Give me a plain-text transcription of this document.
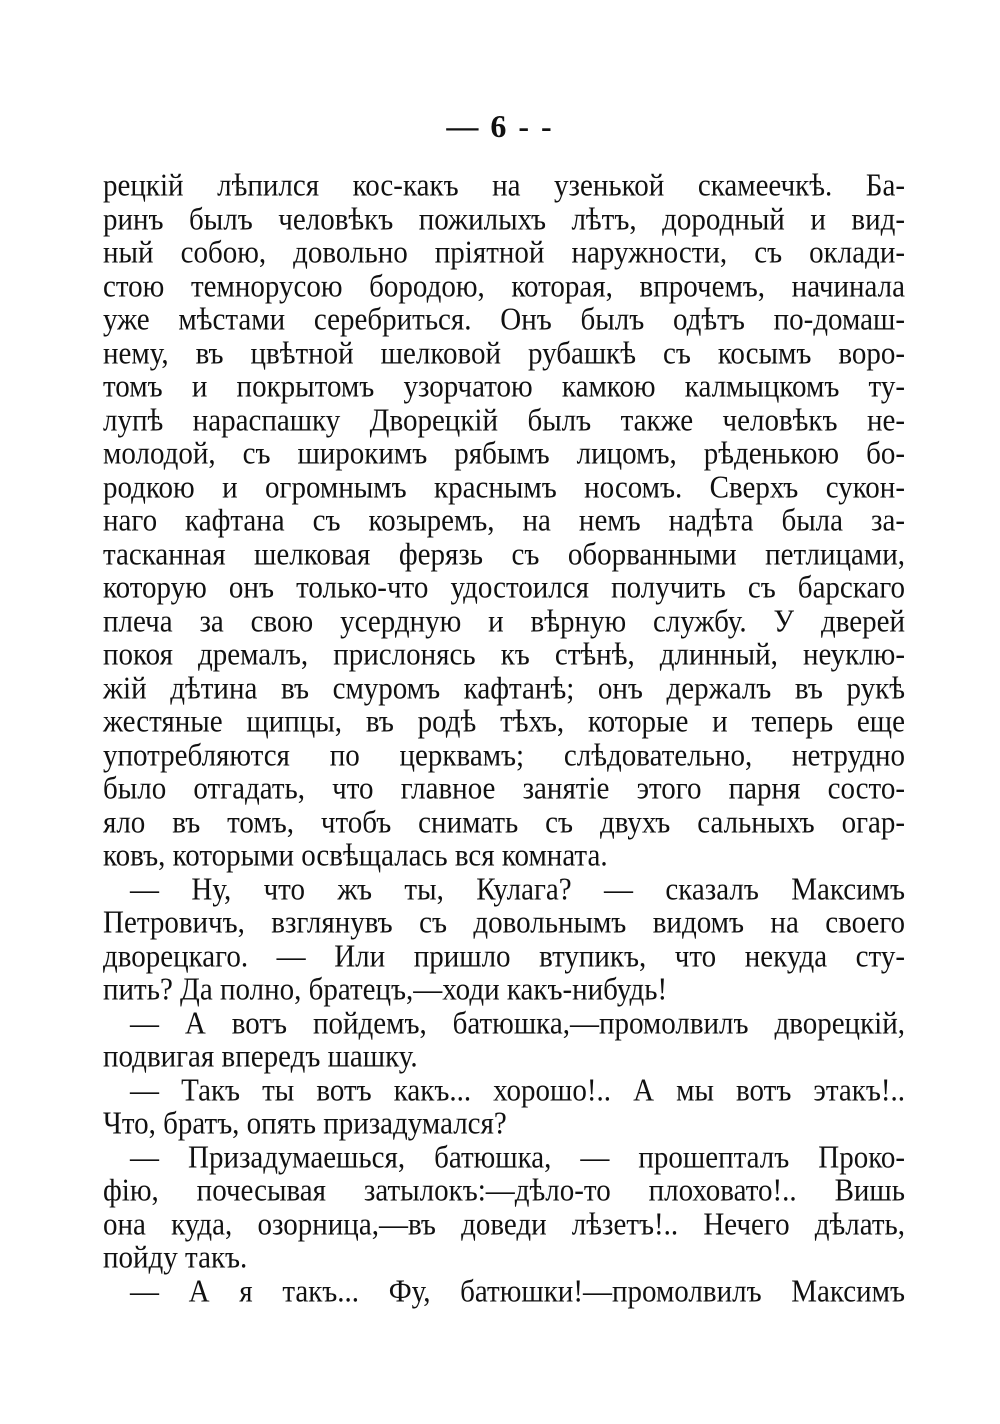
— 6 - -
рецкій лѣпился кос-какъ на узенькой скамеечкѣ. Ба-
ринъ былъ человѣкъ пожилыхъ лѣтъ, дородный и вид-
ный собою, довольно пріятной наружности, съ оклади-
стою темнорусою бородою, которая, впрочемъ, начинала
уже мѣстами серебриться. Онъ былъ одѣтъ по-домаш-
нему, въ цвѣтной шелковой рубашкѣ съ косымъ воро-
томъ и покрытомъ узорчатою камкою калмыцкомъ ту-
лупѣ нараспашку Дворецкій былъ также человѣкъ не-
молодой, съ широкимъ рябымъ лицомъ, рѣденькою бо-
родкою и огромнымъ краснымъ носомъ. Сверхъ сукон-
наго кафтана съ козыремъ, на немъ надѣта была за-
тасканная шелковая ферязь съ оборванными петлицами,
которую онъ только-что удостоился получить съ барскаго
плеча за свою усердную и вѣрную службу. У дверей
покоя дремалъ, прислонясь къ стѣнѣ, длинный, неуклю-
жій дѣтина въ смуромъ кафтанѣ; онъ держалъ въ рукѣ
жестяные щипцы, въ родѣ тѣхъ, которые и теперь еще
употребляются по церквамъ; слѣдовательно, нетрудно
было отгадать, что главное занятіе этого парня состо-
яло въ томъ, чтобъ снимать съ двухъ сальныхъ огар-
ковъ, которыми освѣщалась вся комната.
— Ну, что жъ ты, Кулага? — сказалъ Максимъ
Петровичъ, взглянувъ съ довольнымъ видомъ на своего
дворецкаго. — Или пришло втупикъ, что некуда сту-
пить? Да полно, братецъ,—ходи какъ-нибудь!
— А вотъ пойдемъ, батюшка,—промолвилъ дворецкій,
подвигая впередъ шашку.
— Такъ ты вотъ какъ... хорошо!.. А мы вотъ этакъ!..
Что, братъ, опять призадумался?
— Призадумаешься, батюшка, — прошепталъ Проко-
фiю, почесывая затылокъ:—дѣло-то плоховато!.. Вишь
она куда, озорница,—въ доведи лѣзетъ!.. Нечего дѣлать,
пойду такъ.
— А я такъ... Фу, батюшки!—промолвилъ Максимъ
